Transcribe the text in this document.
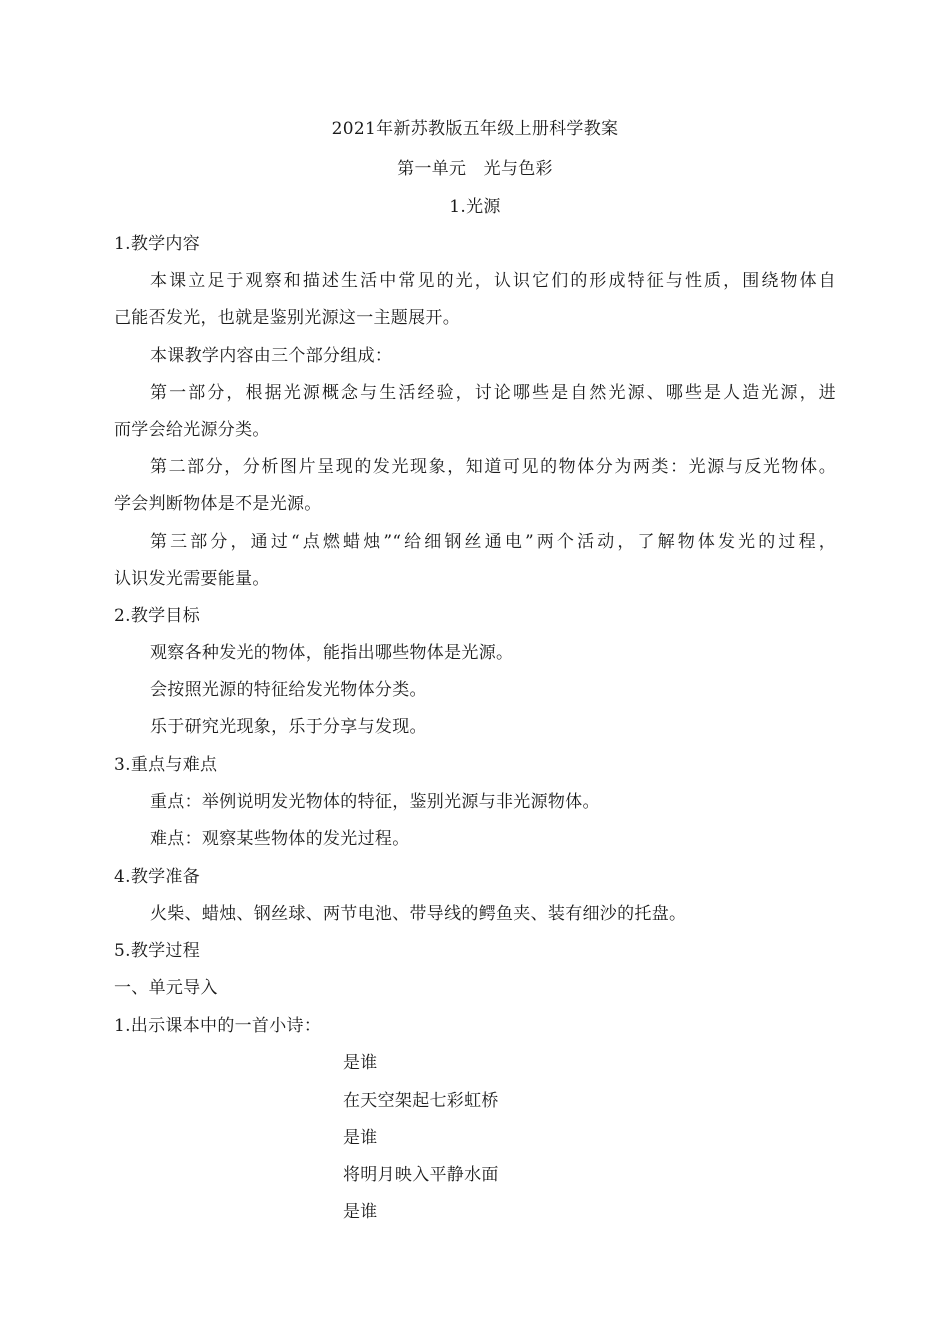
2021年新苏教版五年级上册科学教案
第一单元　光与色彩
1.光源
1.教学内容
本课立足于观察和描述生活中常见的光，认识它们的形成特征与性质，围绕物体自
己能否发光，也就是鉴别光源这一主题展开。
本课教学内容由三个部分组成：
第一部分，根据光源概念与生活经验，讨论哪些是自然光源、哪些是人造光源，进
而学会给光源分类。
第二部分，分析图片呈现的发光现象，知道可见的物体分为两类：光源与反光物体。
学会判断物体是不是光源。
第三部分，通过“点燃蜡烛”“给细钢丝通电”两个活动，了解物体发光的过程，
认识发光需要能量。
2.教学目标
观察各种发光的物体，能指出哪些物体是光源。
会按照光源的特征给发光物体分类。
乐于研究光现象，乐于分享与发现。
3.重点与难点
重点：举例说明发光物体的特征，鉴别光源与非光源物体。
难点：观察某些物体的发光过程。
4.教学准备
火柴、蜡烛、钢丝球、两节电池、带导线的鳄鱼夹、装有细沙的托盘。
5.教学过程
一、单元导入
1.出示课本中的一首小诗：
是谁
在天空架起七彩虹桥
是谁
将明月映入平静水面
是谁
